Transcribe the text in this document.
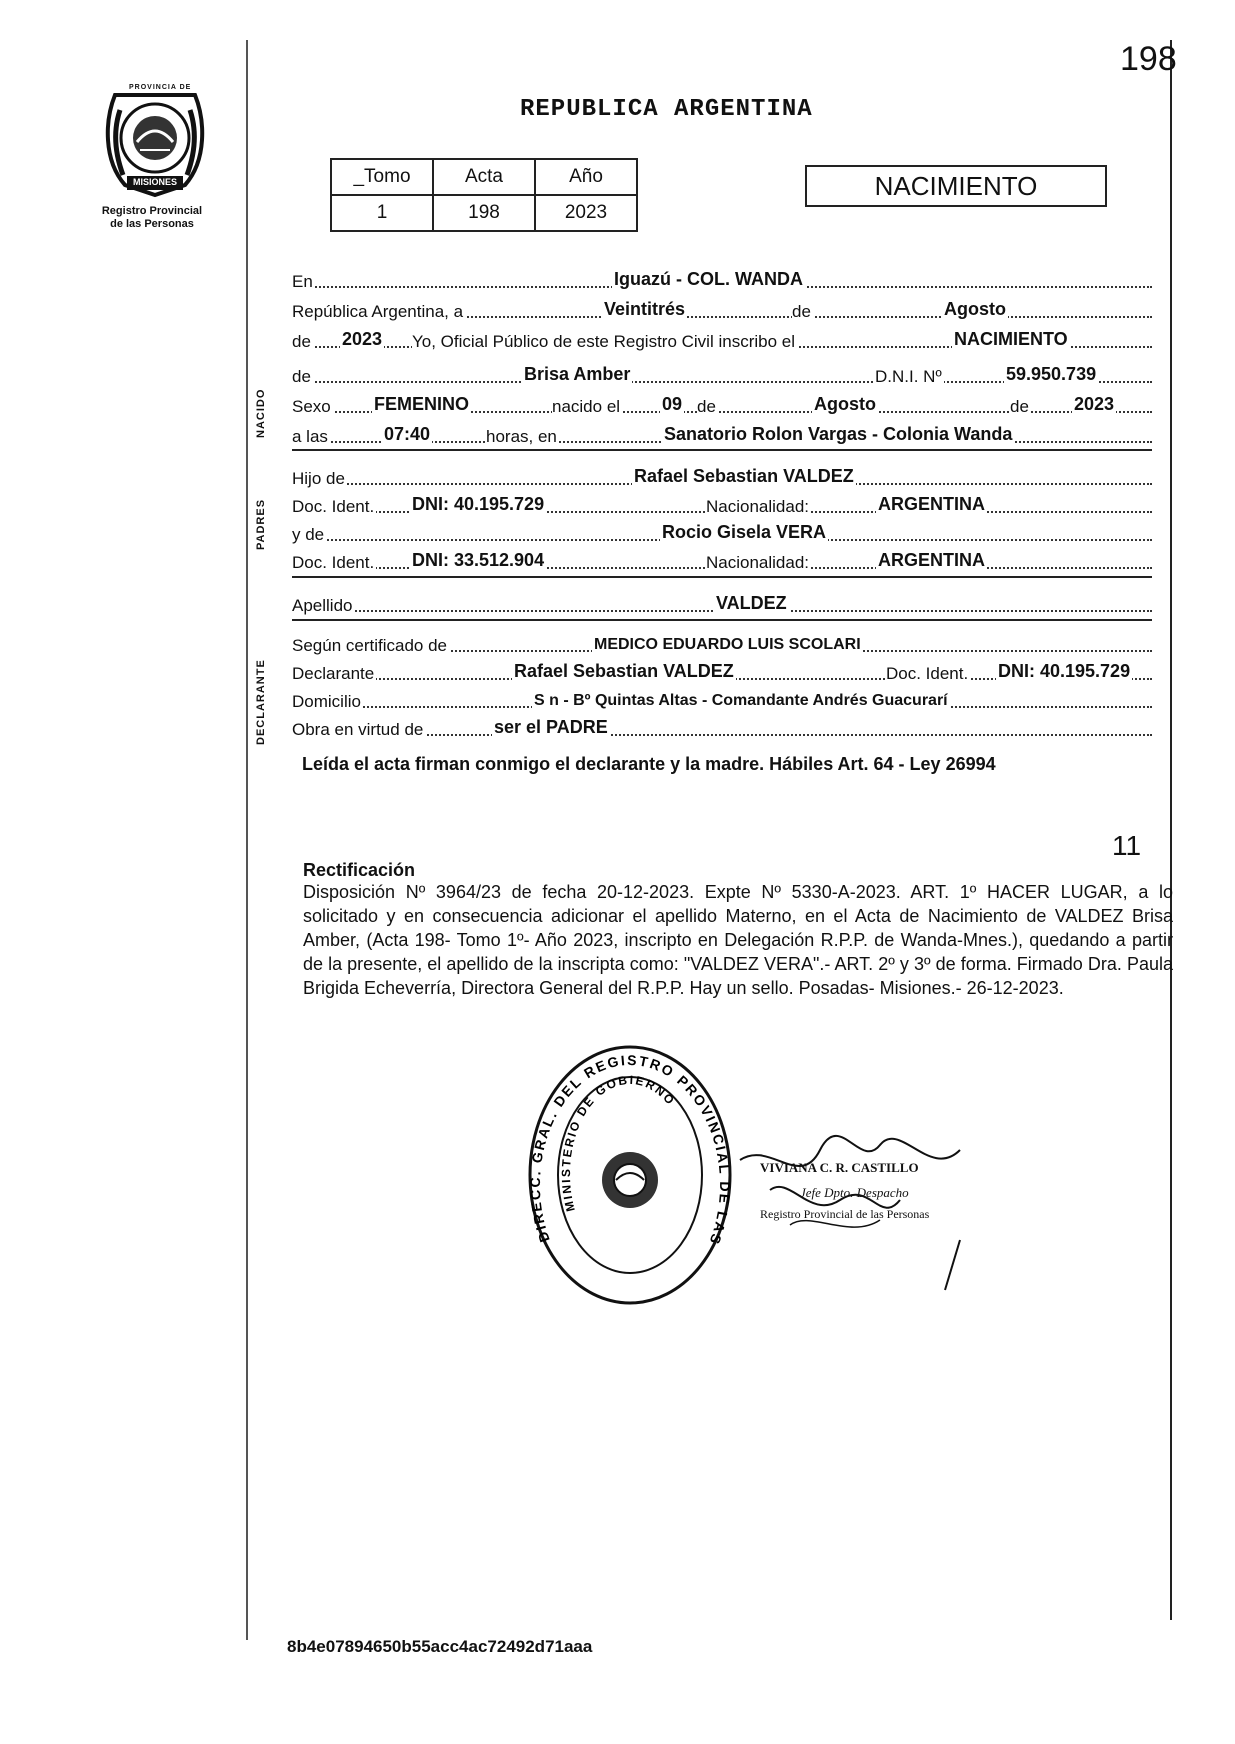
198
REPUBLICA ARGENTINA
PROVINCIA DE
MISIONES
Registro Provincial
de las Personas
_Tomo	Acta	Año
1	198	2023
NACIMIENTO
NACIDO
PADRES
DECLARANTE
En	Iguazú - COL. WANDA
República Argentina, a	Veintitrés	de	Agosto
de 2023 Yo, Oficial Público de este Registro Civil inscribo el	NACIMIENTO
de	Brisa Amber	D.N.I. Nº	59.950.739
Sexo FEMENINO	nacido el 09 de	Agosto	de	2023
a las	07:40	horas, en	Sanatorio Rolon Vargas - Colonia Wanda
Hijo de	Rafael Sebastian VALDEZ
Doc. Ident. DNI: 40.195.729	Nacionalidad:	ARGENTINA
y de	Rocio Gisela VERA
Doc. Ident. DNI: 33.512.904	Nacionalidad:	ARGENTINA
Apellido	VALDEZ
Según certificado de	MEDICO EDUARDO LUIS SCOLARI
Declarante	Rafael Sebastian VALDEZ	Doc. Ident. DNI: 40.195.729
Domicilio	S n - Bº Quintas Altas - Comandante Andrés Guacurarí
Obra en virtud de	ser el PADRE
Leída el acta firman conmigo el declarante y la madre. Hábiles Art. 64 - Ley 26994
11
Rectificación
Disposición Nº 3964/23 de fecha 20-12-2023. Expte Nº 5330-A-2023. ART. 1º HACER LUGAR, a lo solicitado y en consecuencia adicionar el apellido Materno, en el Acta de Nacimiento de VALDEZ Brisa Amber, (Acta 198- Tomo 1º- Año 2023, inscripto en Delegación R.P.P. de Wanda-Mnes.), quedando a partir de la presente, el apellido de la inscripta como: "VALDEZ VERA".- ART. 2º y 3º de forma. Firmado Dra. Paula Brigida Echeverría, Directora General del R.P.P. Hay un sello. Posadas- Misiones.- 26-12-2023.
DIRECC. GRAL. DEL REGISTRO PROVINCIAL DE LAS
MINISTERIO DE GOBIERNO
VIVIANA C. R. CASTILLO
Jefe Dpto. Despacho
Registro Provincial de las Personas
8b4e07894650b55acc4ac72492d71aaa
